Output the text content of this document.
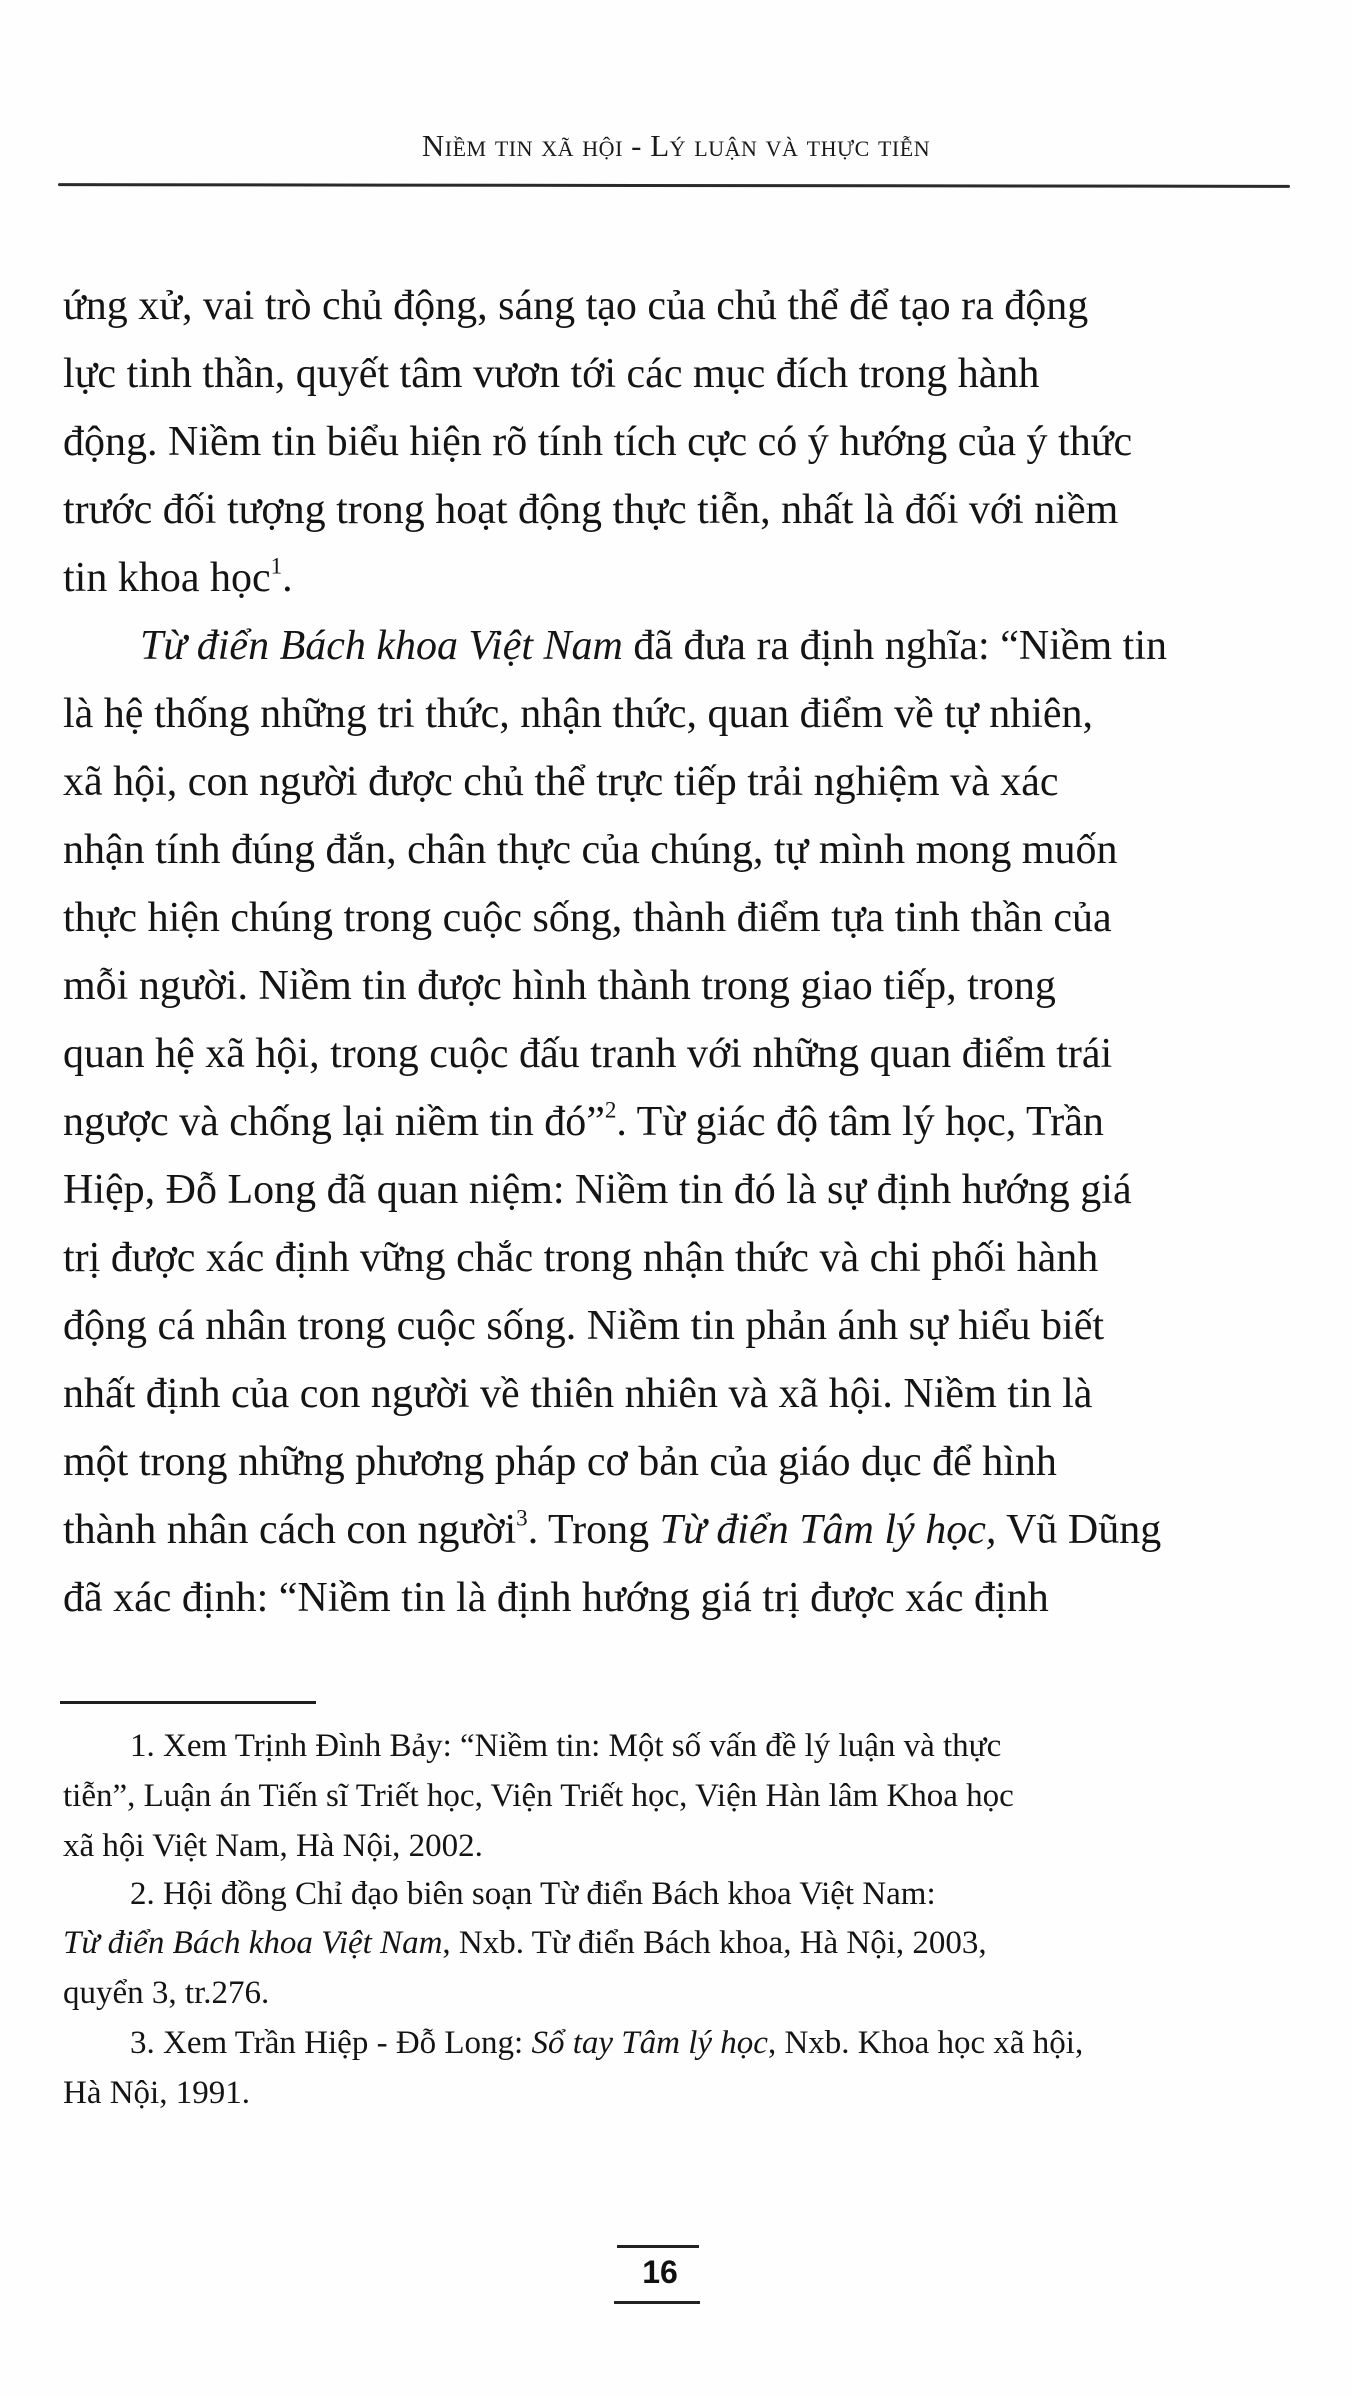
Niềm tin xã hội - Lý luận và thực tiễn
ứng xử, vai trò chủ động, sáng tạo của chủ thể để tạo ra động
lực tinh thần, quyết tâm vươn tới các mục đích trong hành
động. Niềm tin biểu hiện rõ tính tích cực có ý hướng của ý thức
trước đối tượng trong hoạt động thực tiễn, nhất là đối với niềm
tin khoa học$^1$.
Từ điển Bách khoa Việt Nam đã đưa ra định nghĩa: “Niềm tin
là hệ thống những tri thức, nhận thức, quan điểm về tự nhiên,
xã hội, con người được chủ thể trực tiếp trải nghiệm và xác
nhận tính đúng đắn, chân thực của chúng, tự mình mong muốn
thực hiện chúng trong cuộc sống, thành điểm tựa tinh thần của
mỗi người. Niềm tin được hình thành trong giao tiếp, trong
quan hệ xã hội, trong cuộc đấu tranh với những quan điểm trái
ngược và chống lại niềm tin đó”$^2$. Từ giác độ tâm lý học, Trần
Hiệp, Đỗ Long đã quan niệm: Niềm tin đó là sự định hướng giá
trị được xác định vững chắc trong nhận thức và chi phối hành
động cá nhân trong cuộc sống. Niềm tin phản ánh sự hiểu biết
nhất định của con người về thiên nhiên và xã hội. Niềm tin là
một trong những phương pháp cơ bản của giáo dục để hình
thành nhân cách con người$^3$. Trong Từ điển Tâm lý học, Vũ Dũng
đã xác định: “Niềm tin là định hướng giá trị được xác định
1. Xem Trịnh Đình Bảy: “Niềm tin: Một số vấn đề lý luận và thực
tiễn”, Luận án Tiến sĩ Triết học, Viện Triết học, Viện Hàn lâm Khoa học
xã hội Việt Nam, Hà Nội, 2002.
2. Hội đồng Chỉ đạo biên soạn Từ điển Bách khoa Việt Nam:
Từ điển Bách khoa Việt Nam, Nxb. Từ điển Bách khoa, Hà Nội, 2003,
quyển 3, tr.276.
3. Xem Trần Hiệp - Đỗ Long: Sổ tay Tâm lý học, Nxb. Khoa học xã hội,
Hà Nội, 1991.
16
